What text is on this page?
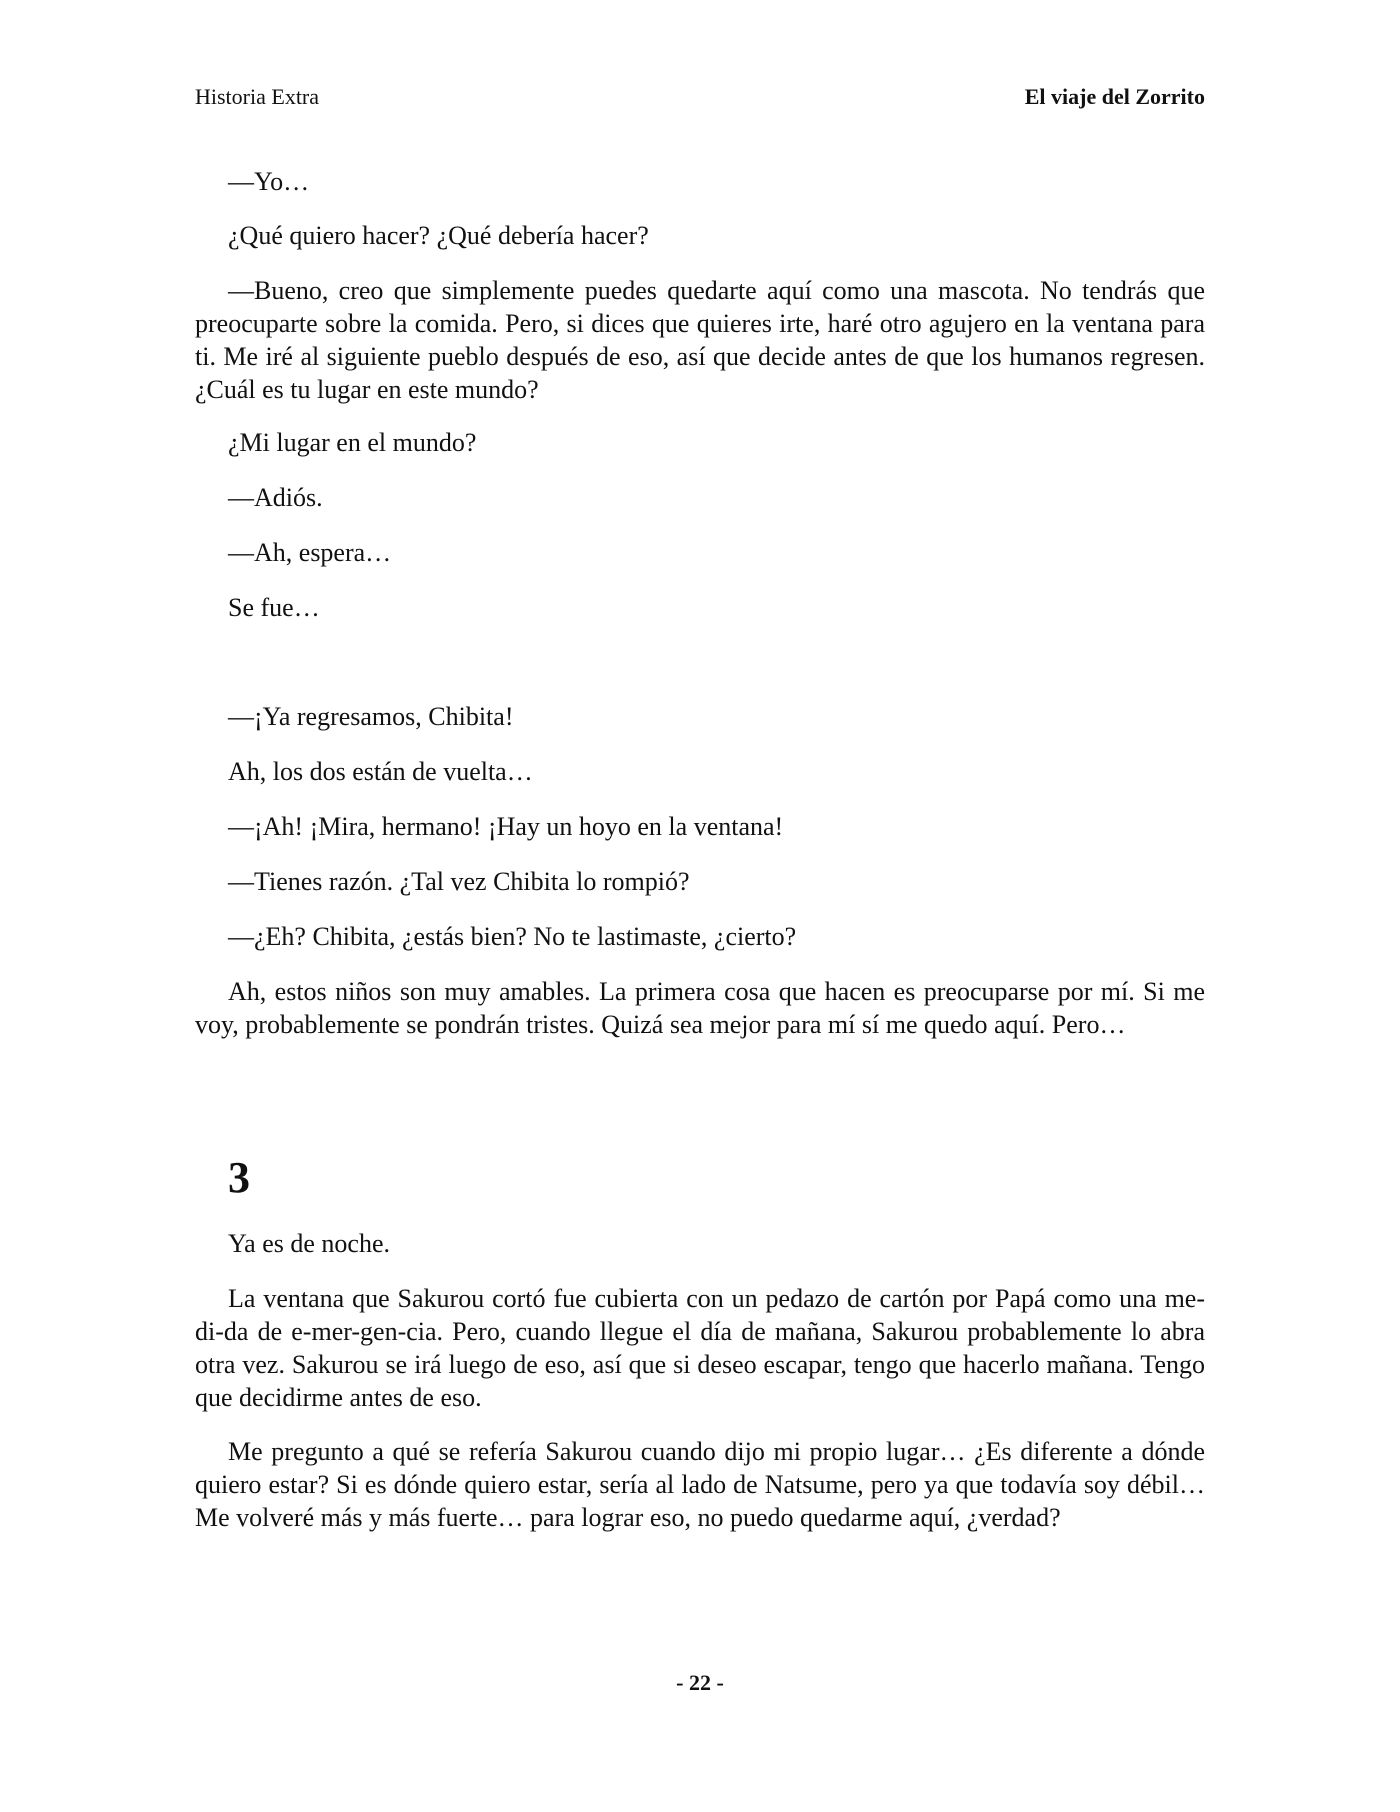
Historia Extra	El viaje del Zorrito

—Yo…

¿Qué quiero hacer? ¿Qué debería hacer?

—Bueno, creo que simplemente puedes quedarte aquí como una mascota. No tendrás que preocuparte sobre la comida. Pero, si dices que quieres irte, haré otro agujero en la ventana para ti. Me iré al siguiente pueblo después de eso, así que decide antes de que los humanos regresen. ¿Cuál es tu lugar en este mundo?

¿Mi lugar en el mundo?

—Adiós.

—Ah, espera…

Se fue…

—¡Ya regresamos, Chibita!

Ah, los dos están de vuelta…

—¡Ah! ¡Mira, hermano! ¡Hay un hoyo en la ventana!

—Tienes razón. ¿Tal vez Chibita lo rompió?

—¿Eh? Chibita, ¿estás bien? No te lastimaste, ¿cierto?

Ah, estos niños son muy amables. La primera cosa que hacen es preocuparse por mí. Si me voy, probablemente se pondrán tristes. Quizá sea mejor para mí sí me quedo aquí. Pero…

3

Ya es de noche.

La ventana que Sakurou cortó fue cubierta con un pedazo de cartón por Papá como una me-di-da de e-mer-gen-cia. Pero, cuando llegue el día de mañana, Sakurou probablemente lo abra otra vez. Sakurou se irá luego de eso, así que si deseo escapar, tengo que hacerlo mañana. Tengo que decidirme antes de eso.

Me pregunto a qué se refería Sakurou cuando dijo mi propio lugar… ¿Es diferente a dónde quiero estar? Si es dónde quiero estar, sería al lado de Natsume, pero ya que todavía soy débil… Me volveré más y más fuerte… para lograr eso, no puedo quedarme aquí, ¿verdad?

- 22 -
